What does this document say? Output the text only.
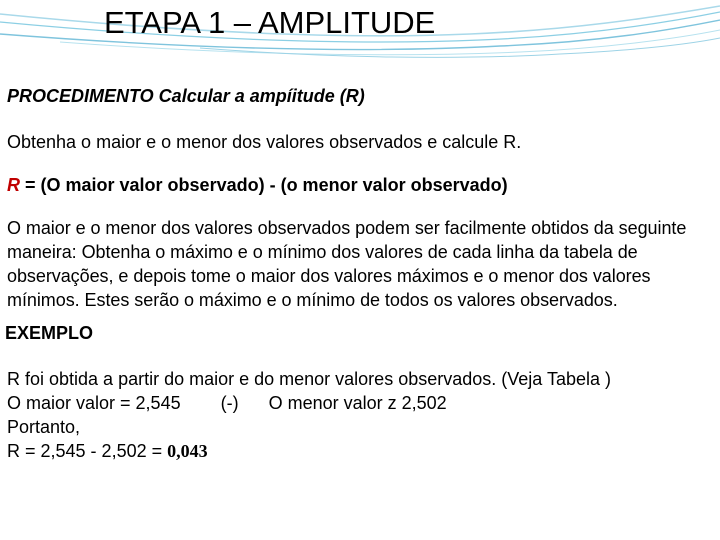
ETAPA 1 – AMPLITUDE

PROCEDIMENTO Calcular a ampíitude (R)

Obtenha o maior e o menor dos valores observados e calcule R.

R = (O maior valor observado) - (o menor valor observado)

O maior e o menor dos valores observados podem ser facilmente obtidos da seguinte maneira: Obtenha o máximo e o mínimo dos valores de cada linha da tabela de observações, e depois tome o maior dos valores máximos e o menor dos valores mínimos. Estes serão o máximo e o mínimo de todos os valores observados.

EXEMPLO

R foi obtida a partir do maior e do menor valores observados. (Veja Tabela )
O maior valor = 2,545 (-) O menor valor z 2,502
Portanto,
R = 2,545 - 2,502 = 0,043
